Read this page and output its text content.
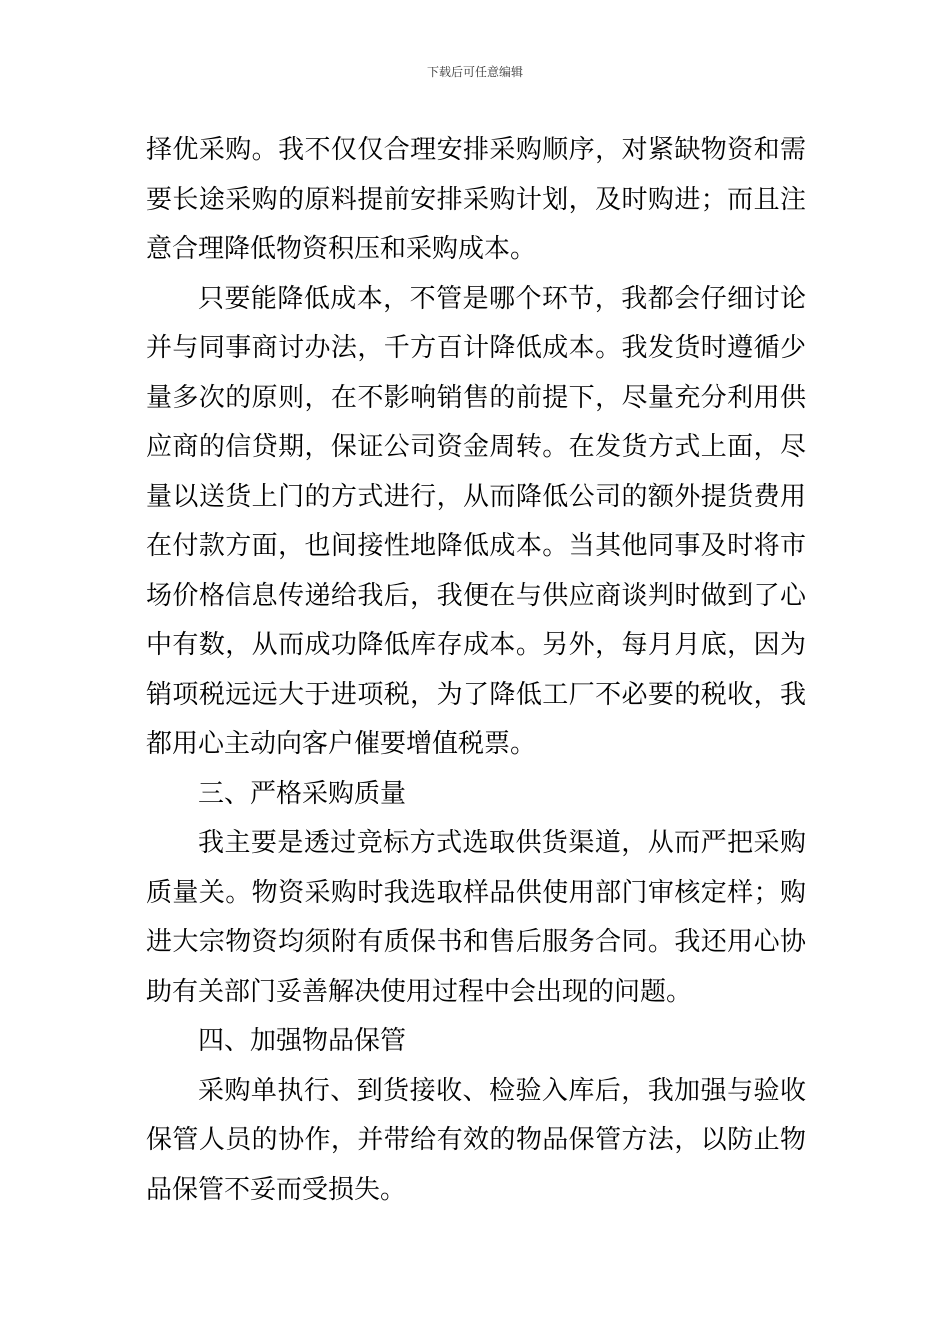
下载后可任意编辑

择优采购。我不仅仅合理安排采购顺序，对紧缺物资和需要长途采购的原料提前安排采购计划，及时购进；而且注意合理降低物资积压和采购成本。

只要能降低成本，不管是哪个环节，我都会仔细讨论并与同事商讨办法，千方百计降低成本。我发货时遵循少量多次的原则，在不影响销售的前提下，尽量充分利用供应商的信贷期，保证公司资金周转。在发货方式上面，尽量以送货上门的方式进行，从而降低公司的额外提货费用在付款方面，也间接性地降低成本。当其他同事及时将市场价格信息传递给我后，我便在与供应商谈判时做到了心中有数，从而成功降低库存成本。另外，每月月底，因为销项税远远大于进项税，为了降低工厂不必要的税收，我都用心主动向客户催要增值税票。

三、严格采购质量

我主要是透过竞标方式选取供货渠道，从而严把采购质量关。物资采购时我选取样品供使用部门审核定样；购进大宗物资均须附有质保书和售后服务合同。我还用心协助有关部门妥善解决使用过程中会出现的问题。

四、加强物品保管

采购单执行、到货接收、检验入库后，我加强与验收保管人员的协作，并带给有效的物品保管方法，以防止物品保管不妥而受损失。
